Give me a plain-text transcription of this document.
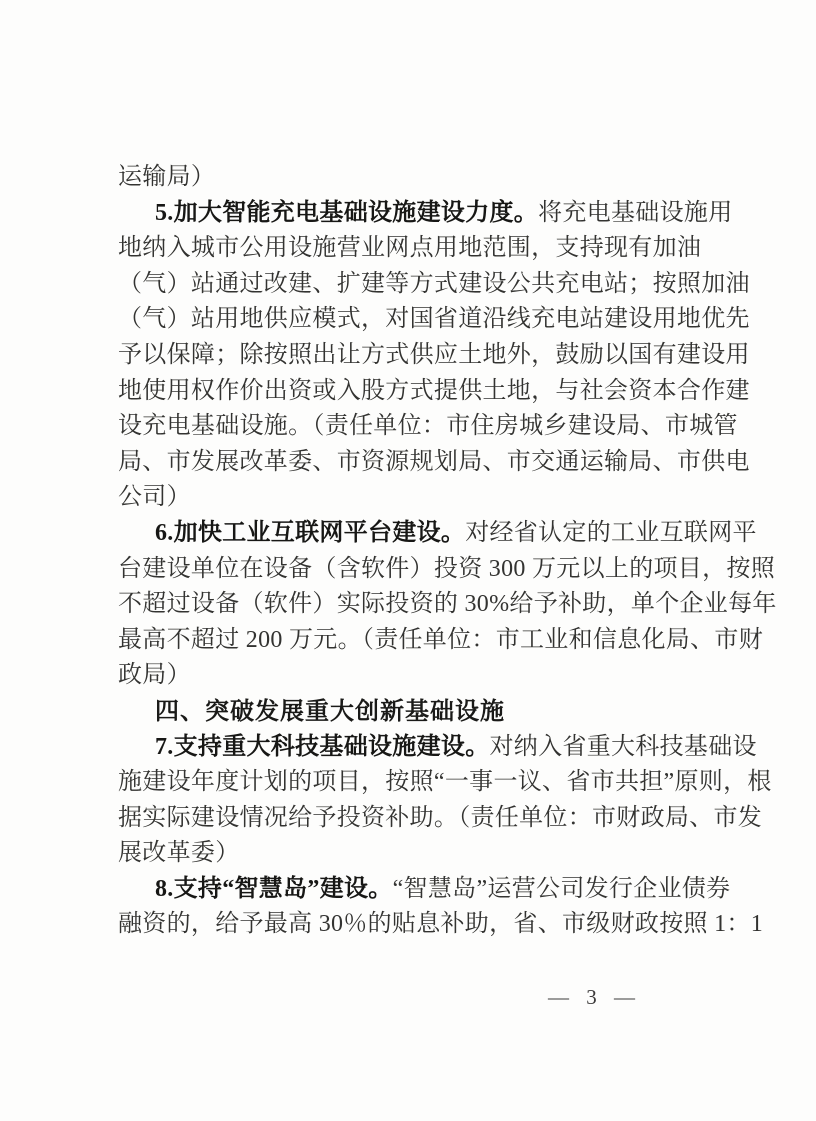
运输局）
5.加大智能充电基础设施建设力度。将充电基础设施用
地纳入城市公用设施营业网点用地范围，支持现有加油
（气）站通过改建、扩建等方式建设公共充电站；按照加油
（气）站用地供应模式，对国省道沿线充电站建设用地优先
予以保障；除按照出让方式供应土地外，鼓励以国有建设用
地使用权作价出资或入股方式提供土地，与社会资本合作建
设充电基础设施。（责任单位：市住房城乡建设局、市城管
局、市发展改革委、市资源规划局、市交通运输局、市供电
公司）
6.加快工业互联网平台建设。对经省认定的工业互联网平
台建设单位在设备（含软件）投资 300 万元以上的项目，按照
不超过设备（软件）实际投资的 30%给予补助，单个企业每年
最高不超过 200 万元。（责任单位：市工业和信息化局、市财
政局）
四、突破发展重大创新基础设施
7.支持重大科技基础设施建设。对纳入省重大科技基础设
施建设年度计划的项目，按照“一事一议、省市共担”原则，根
据实际建设情况给予投资补助。（责任单位：市财政局、市发
展改革委）
8.支持“智慧岛”建设。“智慧岛”运营公司发行企业债券
融资的，给予最高 30％的贴息补助，省、市级财政按照 1：1
— 3 —
